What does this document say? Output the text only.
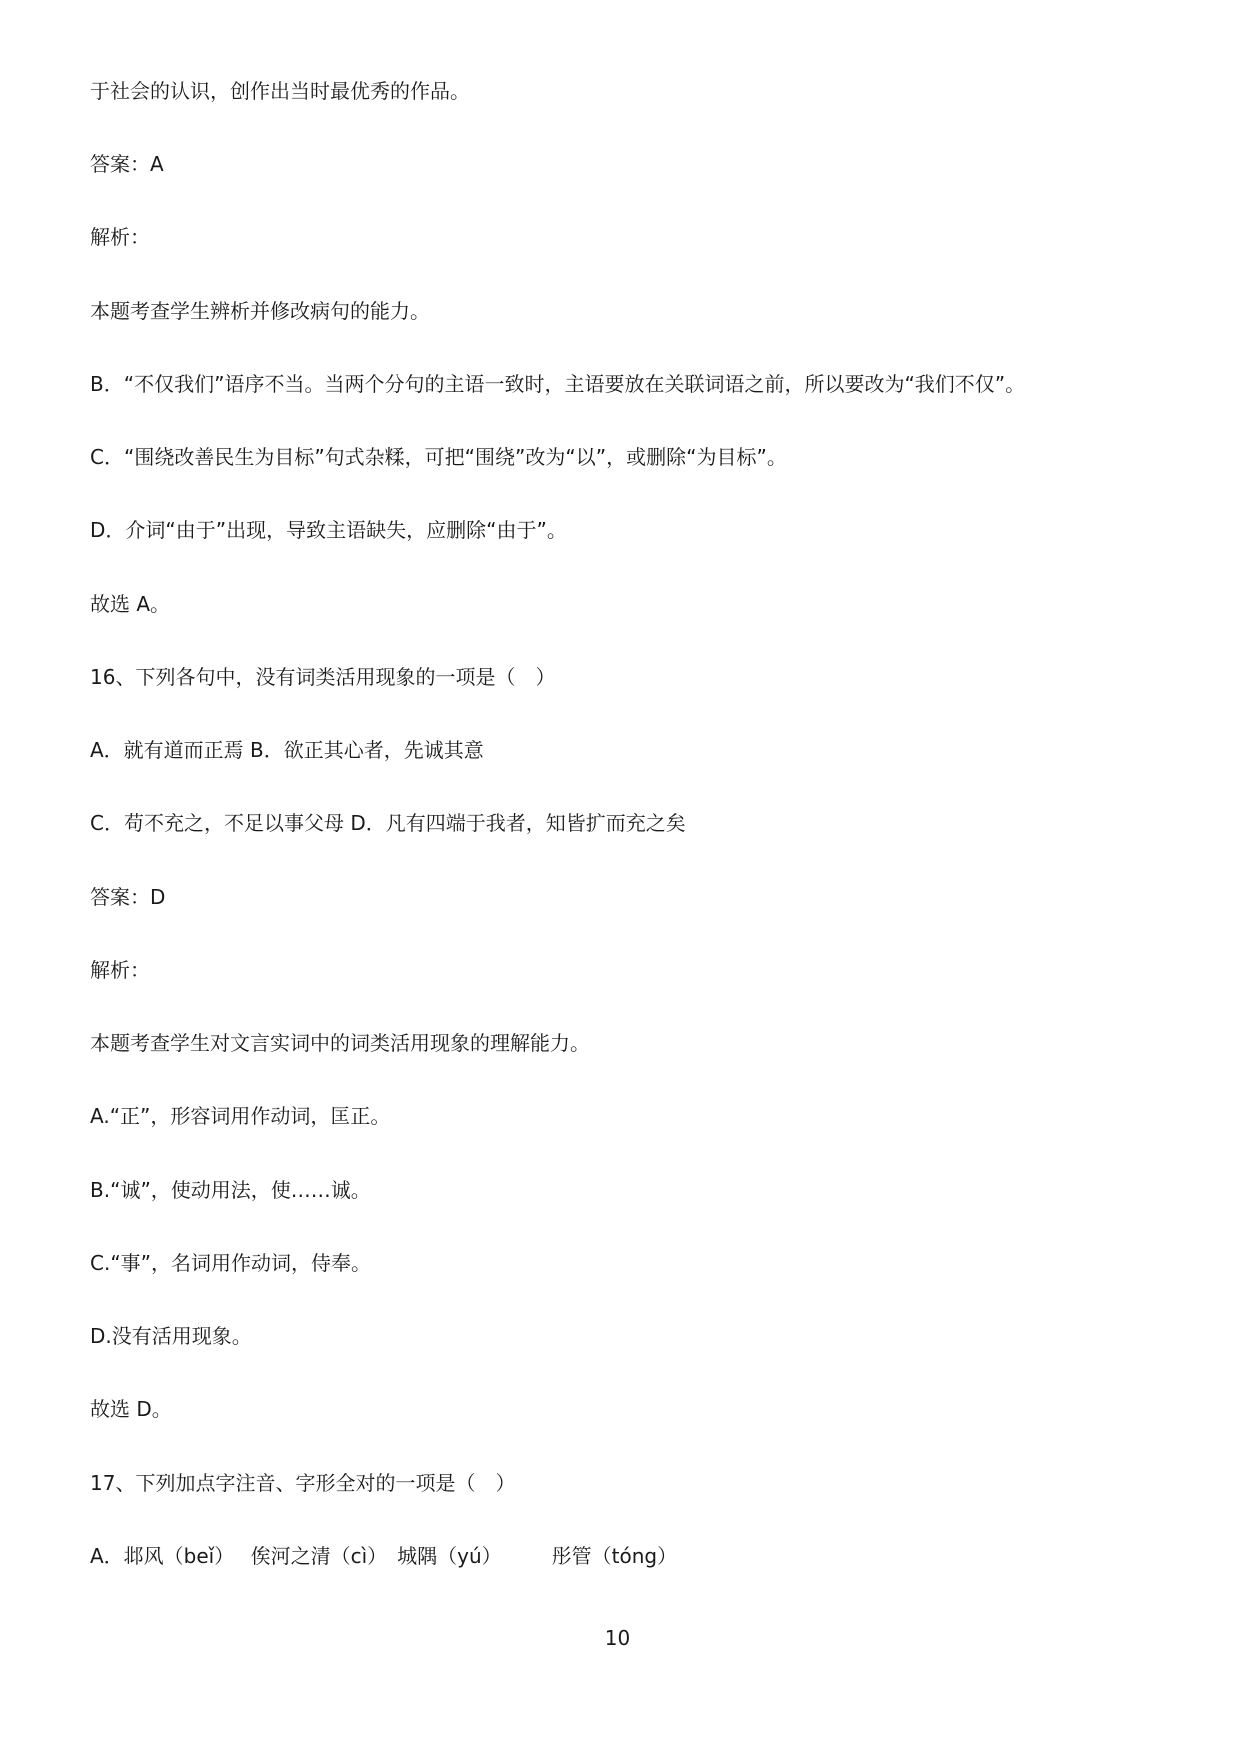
于社会的认识，创作出当时最优秀的作品。
答案：A
解析：
本题考查学生辨析并修改病句的能力。
B．“不仅我们”语序不当。当两个分句的主语一致时，主语要放在关联词语之前，所以要改为“我们不仅”。
C．“围绕改善民生为目标”句式杂糅，可把“围绕”改为“以”，或删除“为目标”。
D．介词“由于”出现，导致主语缺失，应删除“由于”。
故选 A。
16、下列各句中，没有词类活用现象的一项是（　）
A．就有道而正焉 B．欲正其心者，先诚其意
C．苟不充之，不足以事父母 D．凡有四端于我者，知皆扩而充之矣
答案：D
解析：
本题考查学生对文言实词中的词类活用现象的理解能力。
A.“正”，形容词用作动词，匡正。
B.“诚”，使动用法，使……诚。
C.“事”，名词用作动词，侍奉。
D.没有活用现象。
故选 D。
17、下列加点字注音、字形全对的一项是（　）
A．邶风（beǐ）　 俟河之清（cì）　城隅（yú）　　　彤管（tóng）
10
